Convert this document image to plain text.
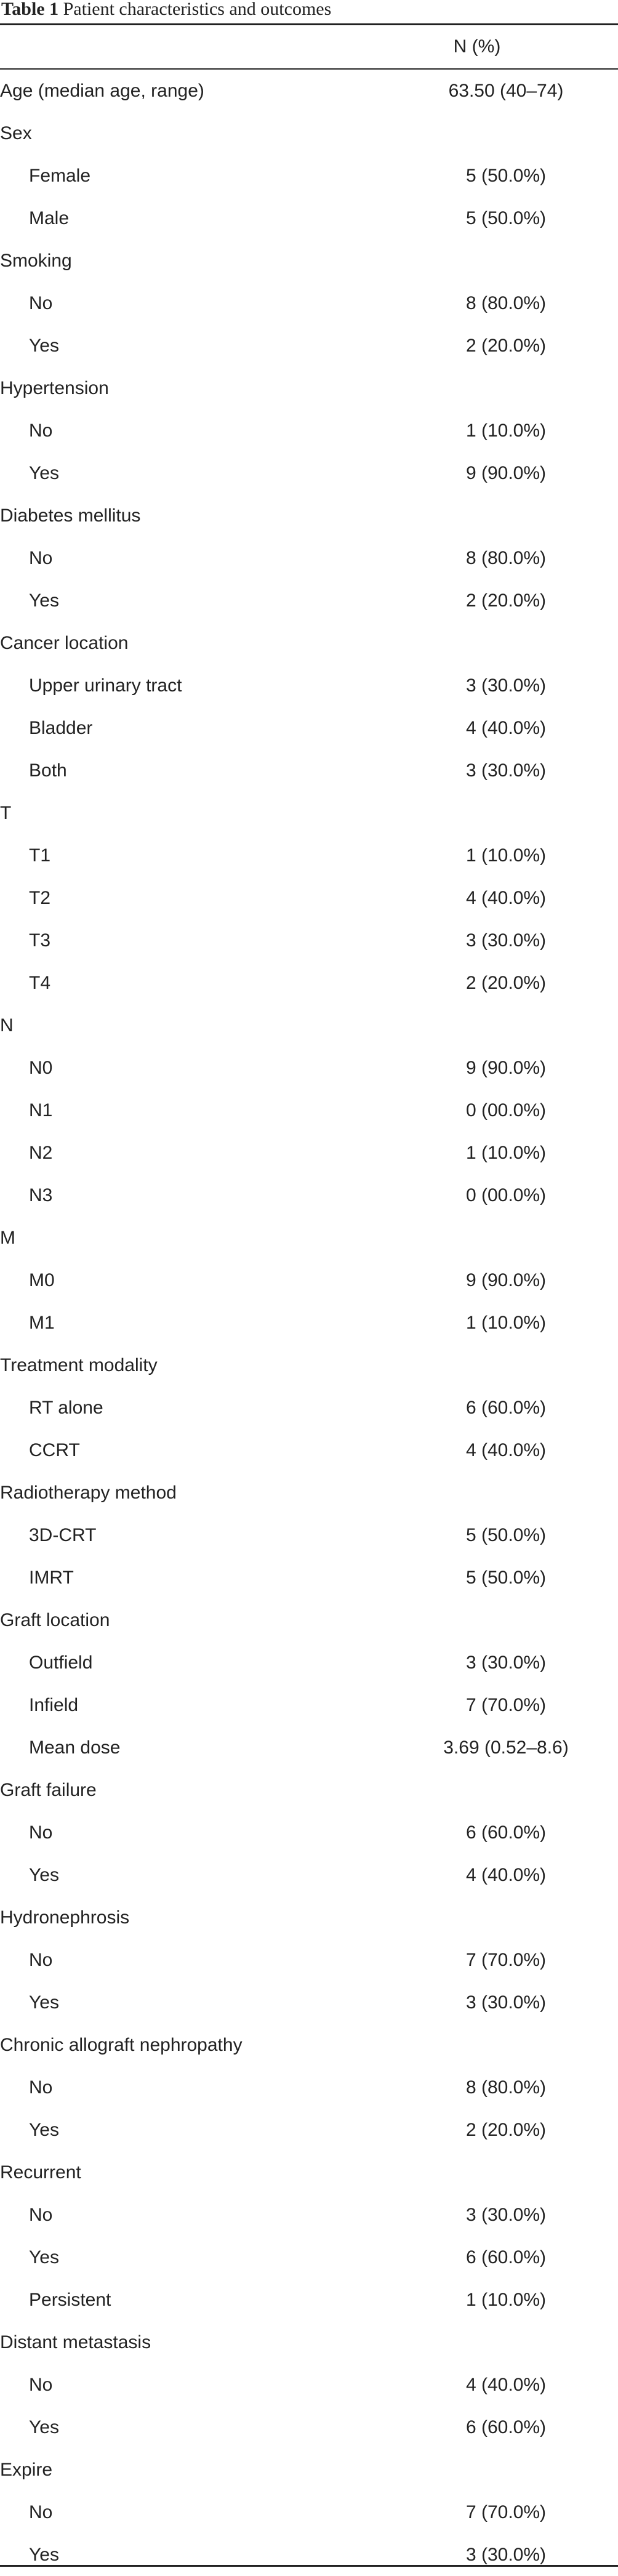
Table 1 Patient characteristics and outcomes
N (%)
Age (median age, range)	63.50 (40–74)
Sex	
Female	5 (50.0%)
Male	5 (50.0%)
Smoking	
No	8 (80.0%)
Yes	2 (20.0%)
Hypertension	
No	1 (10.0%)
Yes	9 (90.0%)
Diabetes mellitus	
No	8 (80.0%)
Yes	2 (20.0%)
Cancer location	
Upper urinary tract	3 (30.0%)
Bladder	4 (40.0%)
Both	3 (30.0%)
T	
T1	1 (10.0%)
T2	4 (40.0%)
T3	3 (30.0%)
T4	2 (20.0%)
N	
N0	9 (90.0%)
N1	0 (00.0%)
N2	1 (10.0%)
N3	0 (00.0%)
M	
M0	9 (90.0%)
M1	1 (10.0%)
Treatment modality	
RT alone	6 (60.0%)
CCRT	4 (40.0%)
Radiotherapy method	
3D-CRT	5 (50.0%)
IMRT	5 (50.0%)
Graft location	
Outfield	3 (30.0%)
Infield	7 (70.0%)
Mean dose	3.69 (0.52–8.6)
Graft failure	
No	6 (60.0%)
Yes	4 (40.0%)
Hydronephrosis	
No	7 (70.0%)
Yes	3 (30.0%)
Chronic allograft nephropathy	
No	8 (80.0%)
Yes	2 (20.0%)
Recurrent	
No	3 (30.0%)
Yes	6 (60.0%)
Persistent	1 (10.0%)
Distant metastasis	
No	4 (40.0%)
Yes	6 (60.0%)
Expire	
No	7 (70.0%)
Yes	3 (30.0%)
